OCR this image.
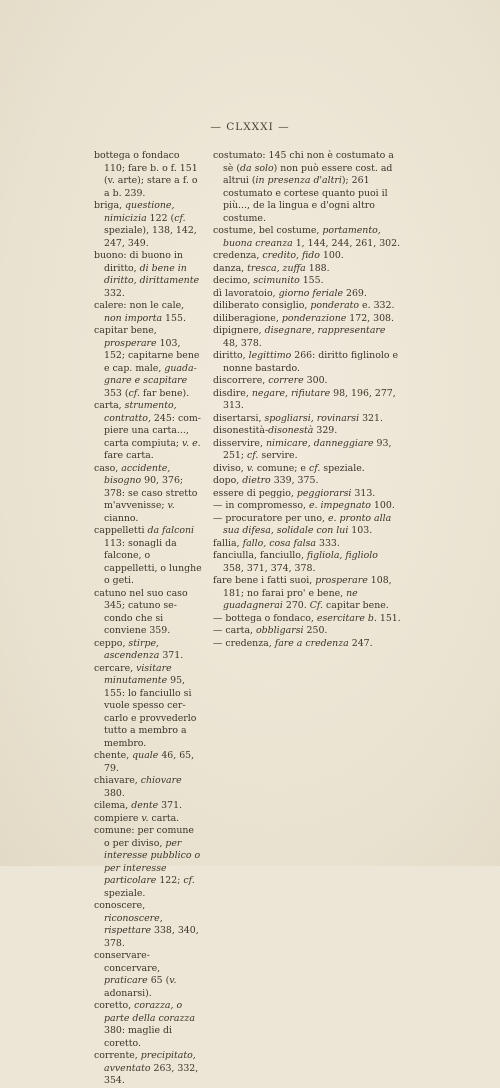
— CLXXXI —
bottega o fondaco 110; fare b. o f. 151 (v. arte); stare a f. o a b. 239.
briga, questione, nimicizia 122 (cf. speziale), 138, 142, 247, 349.
buono: di buono in diritto, di bene in diritto, dirittamente 332.
calere: non le cale, non importa 155.
capitar bene, prosperare 103, 152; capitarne bene e cap. male, guadagnare e scapitare 353 (cf. far bene).
carta, strumento, contratto, 245: compiere una carta..., carta compiuta; v. e. fare carta.
caso, accidente, bisogno 90, 376; 378: se caso stretto m'avvenisse; v. cianno.
cappelletti da falconi 113: sonagli da falcone, o cappelletti, o lunghe o geti.
catuno nel suo caso 345; catuno secondo che si conviene 359.
ceppo, stirpe, ascendenza 371.
cercare, visitare minutamente 95, 155: lo fanciullo si vuole spesso cercarlo e provvederlo tutto a membro a membro.
chente, quale 46, 65, 79.
chiavare, chiovare 380.
cilema, dente 371.
compiere v. carta.
comune: per comune o per diviso, per interesse pubblico o per interesse particolare 122; cf. speziale.
conoscere, riconoscere, rispettare 338, 340, 378.
conservare-concervare, praticare 65 (v. adonarsi).
coretto, corazza, o parte della corazza 380: maglie di coretto.
corrente, precipitato, avventato 263, 332, 354.
costumato: 145 chi non è costumato a sè (da solo) non può essere cost. ad altrui (in presenza d'altri); 261 costumato e cortese quanto puoi il più..., de la lingua e d'ogni altro costume.
costume, bel costume, portamento, buona creanza 1, 144, 244, 261, 302.
credenza, credito, fido 100.
danza, tresca, zuffa 188.
decimo, scimunito 155.
dì lavoratoio, giorno feriale 269.
diliberato consiglio, ponderato e. 332.
diliberagione, ponderazione 172, 308.
dipignere, disegnare, rappresentare 48, 378.
diritto, legittimo 266: diritto figlinolo e nonne bastardo.
discorrere, correre 300.
disdire, negare, rifiutare 98, 196, 277, 313.
disertarsi, spogliarsi, rovinarsi 321.
disonestità-disonestà 329.
disservire, nimicare, danneggiare 93, 251; cf. servire.
diviso, v. comune; e cf. speziale.
dopo, dietro 339, 375.
essere di peggio, peggiorarsi 313.
— in compromesso, e. impegnato 100.
— procuratore per uno, e. pronto alla sua difesa, solidale con lui 103.
fallia, fallo, cosa falsa 333.
fanciulla, fanciullo, figliola, figliolo 358, 371, 374, 378.
fare bene i fatti suoi, prosperare 108, 181; no farai pro' e bene, ne guadagnerai 270. Cf. capitar bene.
— bottega o fondaco, esercitare b. 151.
— carta, obbligarsi 250.
— credenza, fare a credenza 247.
